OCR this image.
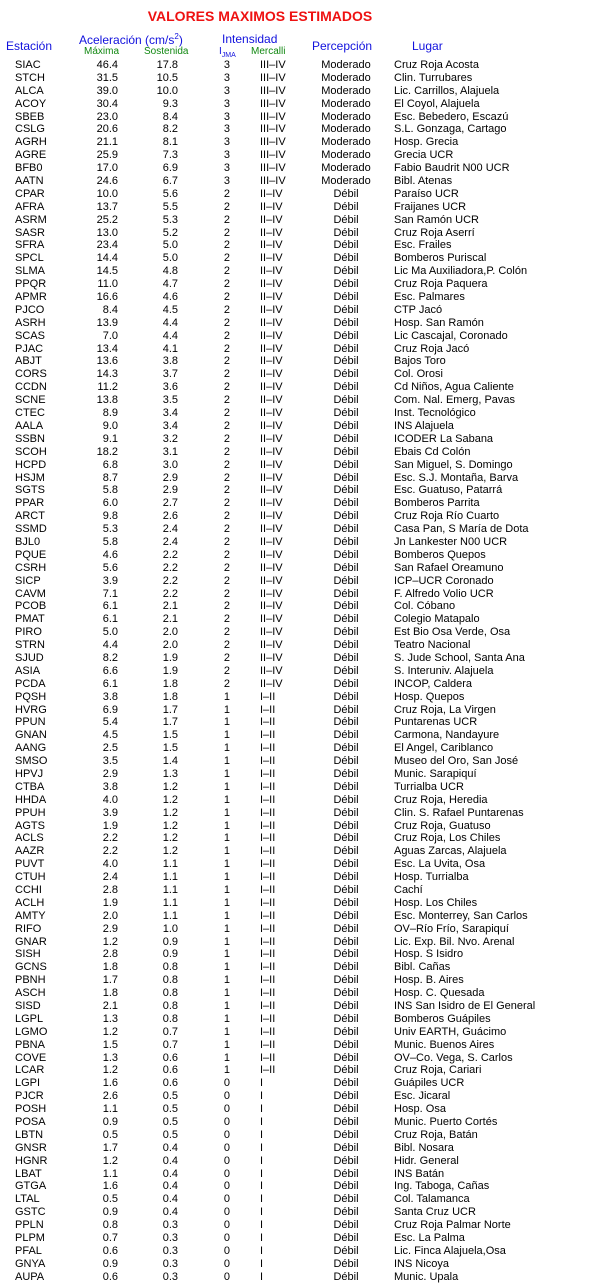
VALORES MAXIMOS ESTIMADOS
Estación Aceleración $(cm/s^2)$
Máxima Sostenida
Intensidad
$I_{JMA}$ Mercalli Percepción	Lugar
SIAC	46.4	17.8	3	III–IV	Moderado	Cruz Roja Acosta
STCH	31.5	10.5	3	III–IV	Moderado	Clin. Turrubares
ALCA	39.0	10.0	3	III–IV	Moderado	Lic. Carrillos, Alajuela
ACOY	30.4	9.3	3	III–IV	Moderado	El Coyol, Alajuela
SBEB	23.0	8.4	3	III–IV	Moderado	Esc. Bebedero, Escazú
CSLG	20.6	8.2	3	III–IV	Moderado	S.L. Gonzaga, Cartago
AGRH	21.1	8.1	3	III–IV	Moderado	Hosp. Grecia
AGRE	25.9	7.3	3	III–IV	Moderado	Grecia UCR
BFB0	17.0	6.9	3	III–IV	Moderado	Fabio Baudrit N00 UCR
AATN	24.6	6.7	3	III–IV	Moderado	Bibl. Atenas
CPAR	10.0	5.6	2	II–IV	Débil	Paraíso UCR
AFRA	13.7	5.5	2	II–IV	Débil	Fraijanes UCR
ASRM	25.2	5.3	2	II–IV	Débil	San Ramón UCR
SASR	13.0	5.2	2	II–IV	Débil	Cruz Roja Aserrí
SFRA	23.4	5.0	2	II–IV	Débil	Esc. Frailes
SPCL	14.4	5.0	2	II–IV	Débil	Bomberos Puriscal
SLMA	14.5	4.8	2	II–IV	Débil	Lic Ma Auxiliadora,P. Colón
PPQR	11.0	4.7	2	II–IV	Débil	Cruz Roja Paquera
APMR	16.6	4.6	2	II–IV	Débil	Esc. Palmares
PJCO	8.4	4.5	2	II–IV	Débil	CTP Jacó
ASRH	13.9	4.4	2	II–IV	Débil	Hosp. San Ramón
SCAS	7.0	4.4	2	II–IV	Débil	Lic Cascajal, Coronado
PJAC	13.4	4.1	2	II–IV	Débil	Cruz Roja Jacó
ABJT	13.6	3.8	2	II–IV	Débil	Bajos Toro
CORS	14.3	3.7	2	II–IV	Débil	Col. Orosi
CCDN	11.2	3.6	2	II–IV	Débil	Cd Niños, Agua Caliente
SCNE	13.8	3.5	2	II–IV	Débil	Com. Nal. Emerg, Pavas
CTEC	8.9	3.4	2	II–IV	Débil	Inst. Tecnológico
AALA	9.0	3.4	2	II–IV	Débil	INS Alajuela
SSBN	9.1	3.2	2	II–IV	Débil	ICODER La Sabana
SCOH	18.2	3.1	2	II–IV	Débil	Ebais Cd Colón
HCPD	6.8	3.0	2	II–IV	Débil	San Miguel, S. Domingo
HSJM	8.7	2.9	2	II–IV	Débil	Esc. S.J. Montaña, Barva
SGTS	5.8	2.9	2	II–IV	Débil	Esc. Guatuso, Patarrá
PPAR	6.0	2.7	2	II–IV	Débil	Bomberos Parrita
ARCT	9.8	2.6	2	II–IV	Débil	Cruz Roja Río Cuarto
SSMD	5.3	2.4	2	II–IV	Débil	Casa Pan, S María de Dota
BJL0	5.8	2.4	2	II–IV	Débil	Jn Lankester N00 UCR
PQUE	4.6	2.2	2	II–IV	Débil	Bomberos Quepos
CSRH	5.6	2.2	2	II–IV	Débil	San Rafael Oreamuno
SICP	3.9	2.2	2	II–IV	Débil	ICP–UCR Coronado
CAVM	7.1	2.2	2	II–IV	Débil	F. Alfredo Volio UCR
PCOB	6.1	2.1	2	II–IV	Débil	Col. Cóbano
PMAT	6.1	2.1	2	II–IV	Débil	Colegio Matapalo
PIRO	5.0	2.0	2	II–IV	Débil	Est Bio Osa Verde, Osa
STRN	4.4	2.0	2	II–IV	Débil	Teatro Nacional
SJUD	8.2	1.9	2	II–IV	Débil	S. Jude School, Santa Ana
ASIA	6.6	1.9	2	II–IV	Débil	S. Interuniv. Alajuela
PCDA	6.1	1.8	2	II–IV	Débil	INCOP, Caldera
PQSH	3.8	1.8	1	I–II	Débil	Hosp. Quepos
HVRG	6.9	1.7	1	I–II	Débil	Cruz Roja, La Virgen
PPUN	5.4	1.7	1	I–II	Débil	Puntarenas UCR
GNAN	4.5	1.5	1	I–II	Débil	Carmona, Nandayure
AANG	2.5	1.5	1	I–II	Débil	El Angel, Cariblanco
SMSO	3.5	1.4	1	I–II	Débil	Museo del Oro, San José
HPVJ	2.9	1.3	1	I–II	Débil	Munic. Sarapiquí
CTBA	3.8	1.2	1	I–II	Débil	Turrialba UCR
HHDA	4.0	1.2	1	I–II	Débil	Cruz Roja, Heredia
PPUH	3.9	1.2	1	I–II	Débil	Clin. S. Rafael Puntarenas
AGTS	1.9	1.2	1	I–II	Débil	Cruz Roja, Guatuso
ACLS	2.2	1.2	1	I–II	Débil	Cruz Roja, Los Chiles
AAZR	2.2	1.2	1	I–II	Débil	Aguas Zarcas, Alajuela
PUVT	4.0	1.1	1	I–II	Débil	Esc. La Uvita, Osa
CTUH	2.4	1.1	1	I–II	Débil	Hosp. Turrialba
CCHI	2.8	1.1	1	I–II	Débil	Cachí
ACLH	1.9	1.1	1	I–II	Débil	Hosp. Los Chiles
AMTY	2.0	1.1	1	I–II	Débil	Esc. Monterrey, San Carlos
RIFO	2.9	1.0	1	I–II	Débil	OV–Río Frío, Sarapiquí
GNAR	1.2	0.9	1	I–II	Débil	Lic. Exp. Bil. Nvo. Arenal
SISH	2.8	0.9	1	I–II	Débil	Hosp. S Isidro
GCNS	1.8	0.8	1	I–II	Débil	Bibl. Cañas
PBNH	1.7	0.8	1	I–II	Débil	Hosp. B. Aires
ASCH	1.8	0.8	1	I–II	Débil	Hosp. C. Quesada
SISD	2.1	0.8	1	I–II	Débil	INS San Isidro de El General
LGPL	1.3	0.8	1	I–II	Débil	Bomberos Guápiles
LGMO	1.2	0.7	1	I–II	Débil	Univ EARTH, Guácimo
PBNA	1.5	0.7	1	I–II	Débil	Munic. Buenos Aires
COVE	1.3	0.6	1	I–II	Débil	OV–Co. Vega, S. Carlos
LCAR	1.2	0.6	1	I–II	Débil	Cruz Roja, Cariari
LGPI	1.6	0.6	0	I	Débil	Guápiles UCR
PJCR	2.6	0.5	0	I	Débil	Esc. Jicaral
POSH	1.1	0.5	0	I	Débil	Hosp. Osa
POSA	0.9	0.5	0	I	Débil	Munic. Puerto Cortés
LBTN	0.5	0.5	0	I	Débil	Cruz Roja, Batán
GNSR	1.7	0.4	0	I	Débil	Bibl. Nosara
HGNR	1.2	0.4	0	I	Débil	Hidr. General
LBAT	1.1	0.4	0	I	Débil	INS Batán
GTGA	1.6	0.4	0	I	Débil	Ing. Taboga, Cañas
LTAL	0.5	0.4	0	I	Débil	Col. Talamanca
GSTC	0.9	0.4	0	I	Débil	Santa Cruz UCR
PPLN	0.8	0.3	0	I	Débil	Cruz Roja Palmar Norte
PLPM	0.7	0.3	0	I	Débil	Esc. La Palma
PFAL	0.6	0.3	0	I	Débil	Lic. Finca Alajuela,Osa
GNYA	0.9	0.3	0	I	Débil	INS Nicoya
AUPA	0.6	0.3	0	I	Débil	Munic. Upala
